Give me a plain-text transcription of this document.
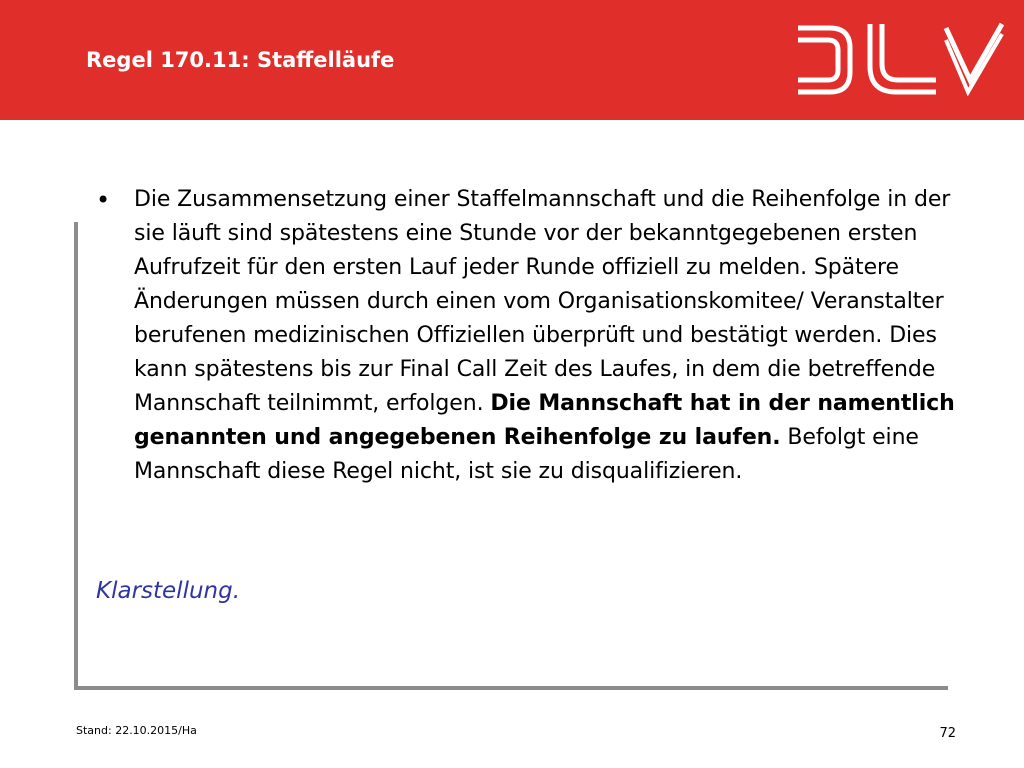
Regel 170.11: Staffelläufe
• Die Zusammensetzung einer Staffelmannschaft und die Reihenfolge in der sie läuft sind spätestens eine Stunde vor der bekanntgegebenen ersten Aufrufzeit für den ersten Lauf jeder Runde offiziell zu melden. Spätere Änderungen müssen durch einen vom Organisationskomitee/ Veranstalter berufenen medizinischen Offiziellen überprüft und bestätigt werden. Dies kann spätestens bis zur Final Call Zeit des Laufes, in dem die betreffende Mannschaft teilnimmt, erfolgen. Die Mannschaft hat in der namentlich genannten und angegebenen Reihenfolge zu laufen. Befolgt eine Mannschaft diese Regel nicht, ist sie zu disqualifizieren.
Klarstellung.
Stand: 22.10.2015/Ha	72
